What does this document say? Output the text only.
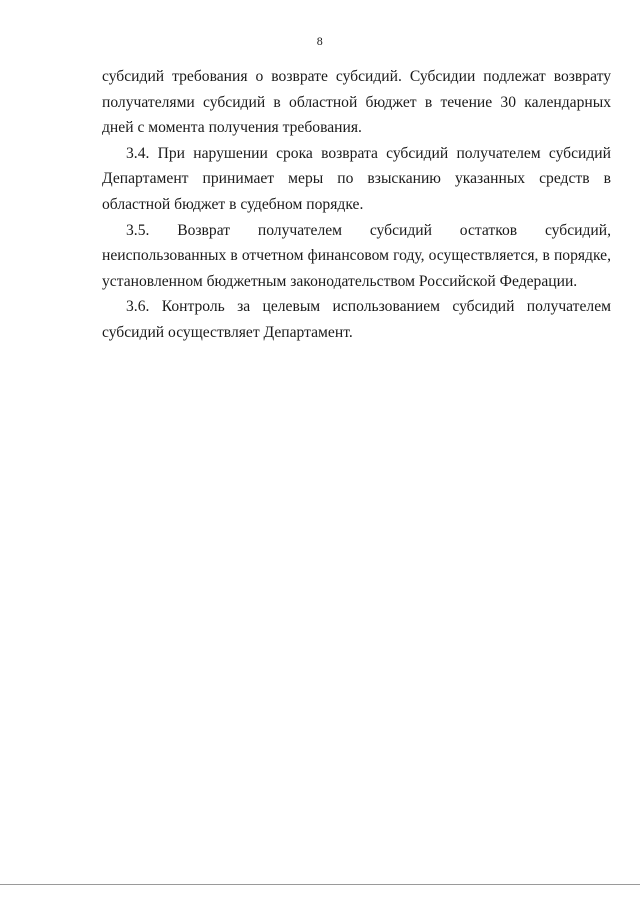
8

субсидий требования о возврате субсидий. Субсидии подлежат возврату получателями субсидий в областной бюджет в течение 30 календарных дней с момента получения требования.

3.4. При нарушении срока возврата субсидий получателем субсидий Департамент принимает меры по взысканию указанных средств в областной бюджет в судебном порядке.

3.5. Возврат получателем субсидий остатков субсидий, неиспользованных в отчетном финансовом году, осуществляется, в порядке, установленном бюджетным законодательством Российской Федерации.

3.6. Контроль за целевым использованием субсидий получателем субсидий осуществляет Департамент.
